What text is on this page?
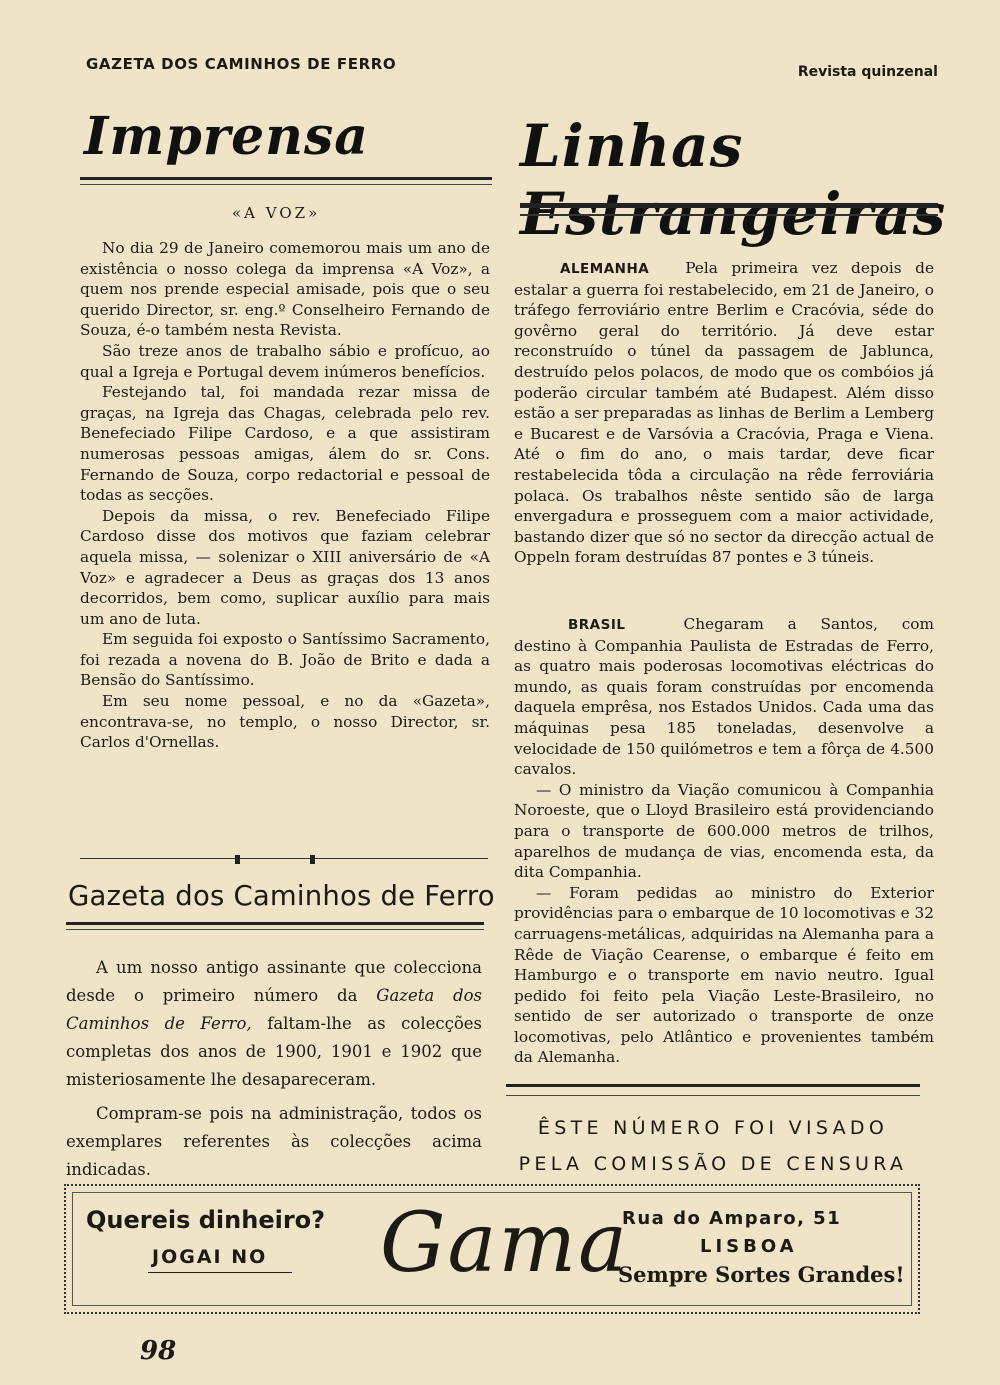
GAZETA DOS CAMINHOS DE FERRO	Revista quinzenal
Imprensa
«A VOZ»

No dia 29 de Janeiro comemorou mais um ano de existência o nosso colega da imprensa «A Voz», a quem nos prende especial amisade, pois que o seu querido Director, sr. eng.º Conselheiro Fernando de Souza, é-o também nesta Revista.

São treze anos de trabalho sábio e profícuo, ao qual a Igreja e Portugal devem inúmeros benefícios.

Festejando tal, foi mandada rezar missa de graças, na Igreja das Chagas, celebrada pelo rev. Benefeciado Filipe Cardoso, e a que assistiram numerosas pessoas amigas, álem do sr. Cons. Fernando de Souza, corpo redactorial e pessoal de todas as secções.

Depois da missa, o rev. Benefeciado Filipe Cardoso disse dos motivos que faziam celebrar aquela missa, — solenizar o XIII aniversário de «A Voz» e agradecer a Deus as graças dos 13 anos decorridos, bem como, suplicar auxílio para mais um ano de luta.

Em seguida foi exposto o Santíssimo Sacramento, foi rezada a novena do B. João de Brito e dada a Bensão do Santíssimo.

Em seu nome pessoal, e no da «Gazeta», encontrava-se, no templo, o nosso Director, sr. Carlos d'Ornellas.

Gazeta dos Caminhos de Ferro

A um nosso antigo assinante que colecciona desde o primeiro número da Gazeta dos Caminhos de Ferro, faltam-lhe as colecções completas dos anos de 1900, 1901 e 1902 que misteriosamente lhe desapareceram.

Compram-se pois na administração, todos os exemplares referentes às colecções acima indicadas.

Linhas Estrangeiras

ALEMANHA Pela primeira vez depois de estalar a guerra foi restabelecido, em 21 de Janeiro, o tráfego ferroviário entre Berlim e Cracóvia, séde do govêrno geral do território. Já deve estar reconstruído o túnel da passagem de Jablunca, destruído pelos polacos, de modo que os combóios já poderão circular também até Budapest. Além disso estão a ser preparadas as linhas de Berlim a Lemberg e Bucarest e de Varsóvia a Cracóvia, Praga e Viena. Até o fim do ano, o mais tardar, deve ficar restabelecida tôda a circulação na rêde ferroviária polaca. Os trabalhos nêste sentido são de larga envergadura e prosseguem com a maior actividade, bastando dizer que só no sector da direcção actual de Oppeln foram destruídas 87 pontes e 3 túneis.

BRASIL	Chegaram a Santos, com destino à Companhia Paulista de Estradas de Ferro, as quatro mais poderosas locomotivas eléctricas do mundo, as quais foram construídas por encomenda daquela emprêsa, nos Estados Unidos. Cada uma das máquinas pesa 185 toneladas, desenvolve a velocidade de 150 quilómetros e tem a fôrça de 4.500 cavalos.

— O ministro da Viação comunicou à Companhia Noroeste, que o Lloyd Brasileiro está providenciando para o transporte de 600.000 metros de trilhos, aparelhos de mudança de vias, encomenda esta, da dita Companhia.

— Foram pedidas ao ministro do Exterior providências para o embarque de 10 locomotivas e 32 carruagens-metálicas, adquiridas na Alemanha para a Rêde de Viação Cearense, o embarque é feito em Hamburgo e o transporte em navio neutro. Igual pedido foi feito pela Viação Leste-Brasileiro, no sentido de ser autorizado o transporte de onze locomotivas, pelo Atlântico e provenientes também da Alemanha.

ÊSTE NÚMERO FOI VISADO
PELA COMISSÃO DE CENSURA
Quereis dinheiro?
JOGAI NO Gama
Rua do Amparo, 51
LISBOA
Sempre Sortes Grandes!
98
